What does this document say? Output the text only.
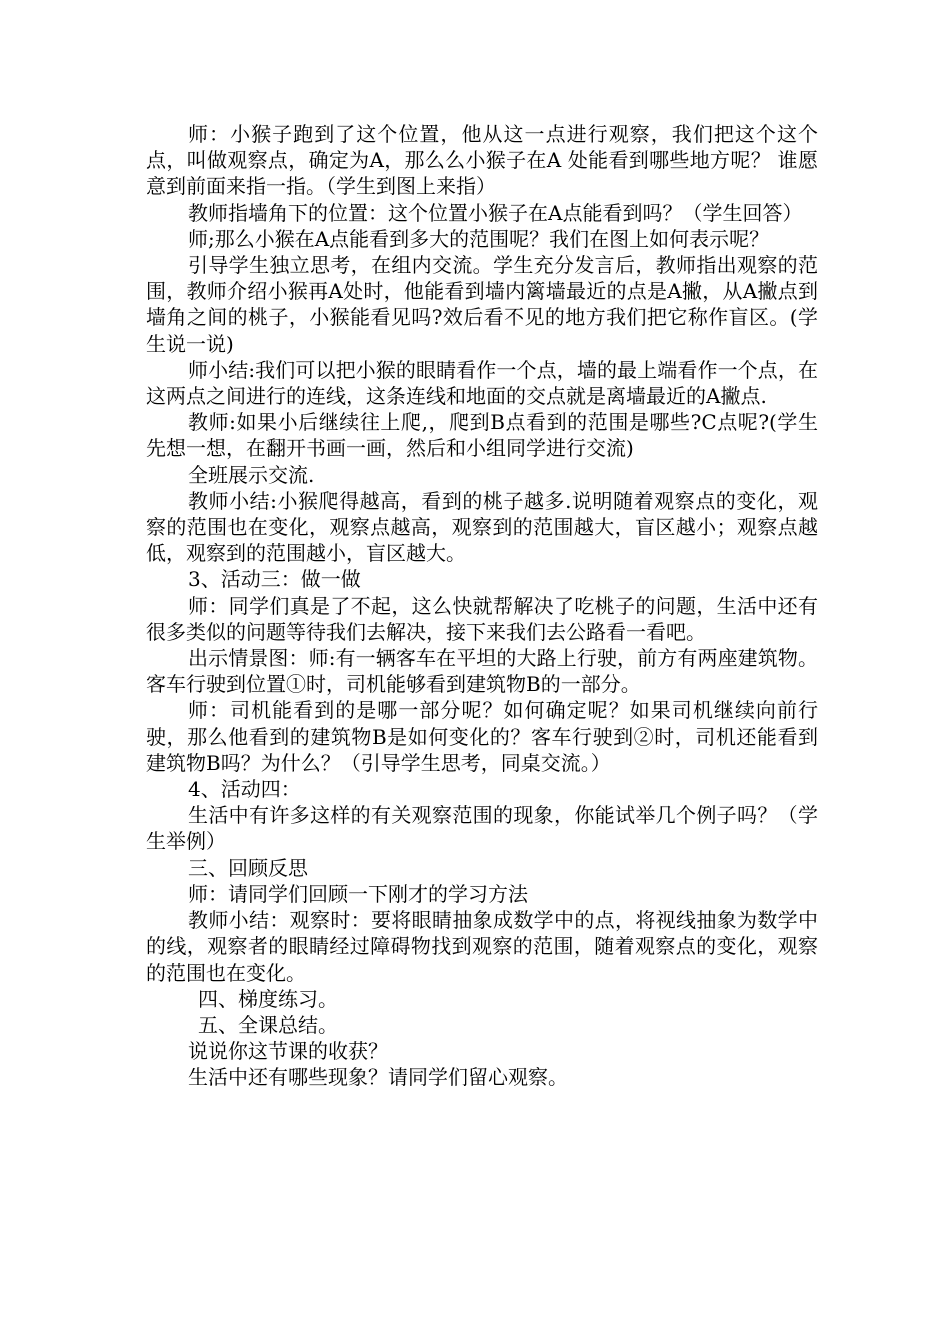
师：小猴子跑到了这个位置，他从这一点进行观察，我们把这个这个点，叫做观察点，确定为A，那么么小猴子在A 处能看到哪些地方呢？ 谁愿意到前面来指一指。（学生到图上来指）

教师指墙角下的位置：这个位置小猴子在A点能看到吗？（学生回答）

师;那么小猴在A点能看到多大的范围呢？我们在图上如何表示呢？

引导学生独立思考，在组内交流。学生充分发言后，教师指出观察的范围，教师介绍小猴再A处时，他能看到墙内篱墙最近的点是A撇，从A撇点到墙角之间的桃子，小猴能看见吗?效后看不见的地方我们把它称作盲区。(学生说一说)

师小结:我们可以把小猴的眼睛看作一个点，墙的最上端看作一个点，在这两点之间进行的连线，这条连线和地面的交点就是离墙最近的A撇点.

教师:如果小后继续往上爬,，爬到B点看到的范围是哪些?C点呢?(学生先想一想，在翻开书画一画，然后和小组同学进行交流)

全班展示交流.

教师小结:小猴爬得越高，看到的桃子越多.说明随着观察点的变化，观察的范围也在变化，观察点越高，观察到的范围越大，盲区越小；观察点越低，观察到的范围越小，盲区越大。

3、活动三：做一做

师：同学们真是了不起，这么快就帮解决了吃桃子的问题，生活中还有很多类似的问题等待我们去解决，接下来我们去公路看一看吧。

出示情景图：师:有一辆客车在平坦的大路上行驶，前方有两座建筑物。客车行驶到位置①时，司机能够看到建筑物B的一部分。

师：司机能看到的是哪一部分呢？如何确定呢？如果司机继续向前行驶，那么他看到的建筑物B是如何变化的？客车行驶到②时，司机还能看到建筑物B吗？为什么？（引导学生思考，同桌交流。）

4、活动四：

生活中有许多这样的有关观察范围的现象，你能试举几个例子吗？（学生举例）

三、回顾反思

师：请同学们回顾一下刚才的学习方法

教师小结：观察时：要将眼睛抽象成数学中的点，将视线抽象为数学中的线，观察者的眼睛经过障碍物找到观察的范围，随着观察点的变化，观察的范围也在变化。

四、梯度练习。

五、全课总结。

说说你这节课的收获？

生活中还有哪些现象？请同学们留心观察。
